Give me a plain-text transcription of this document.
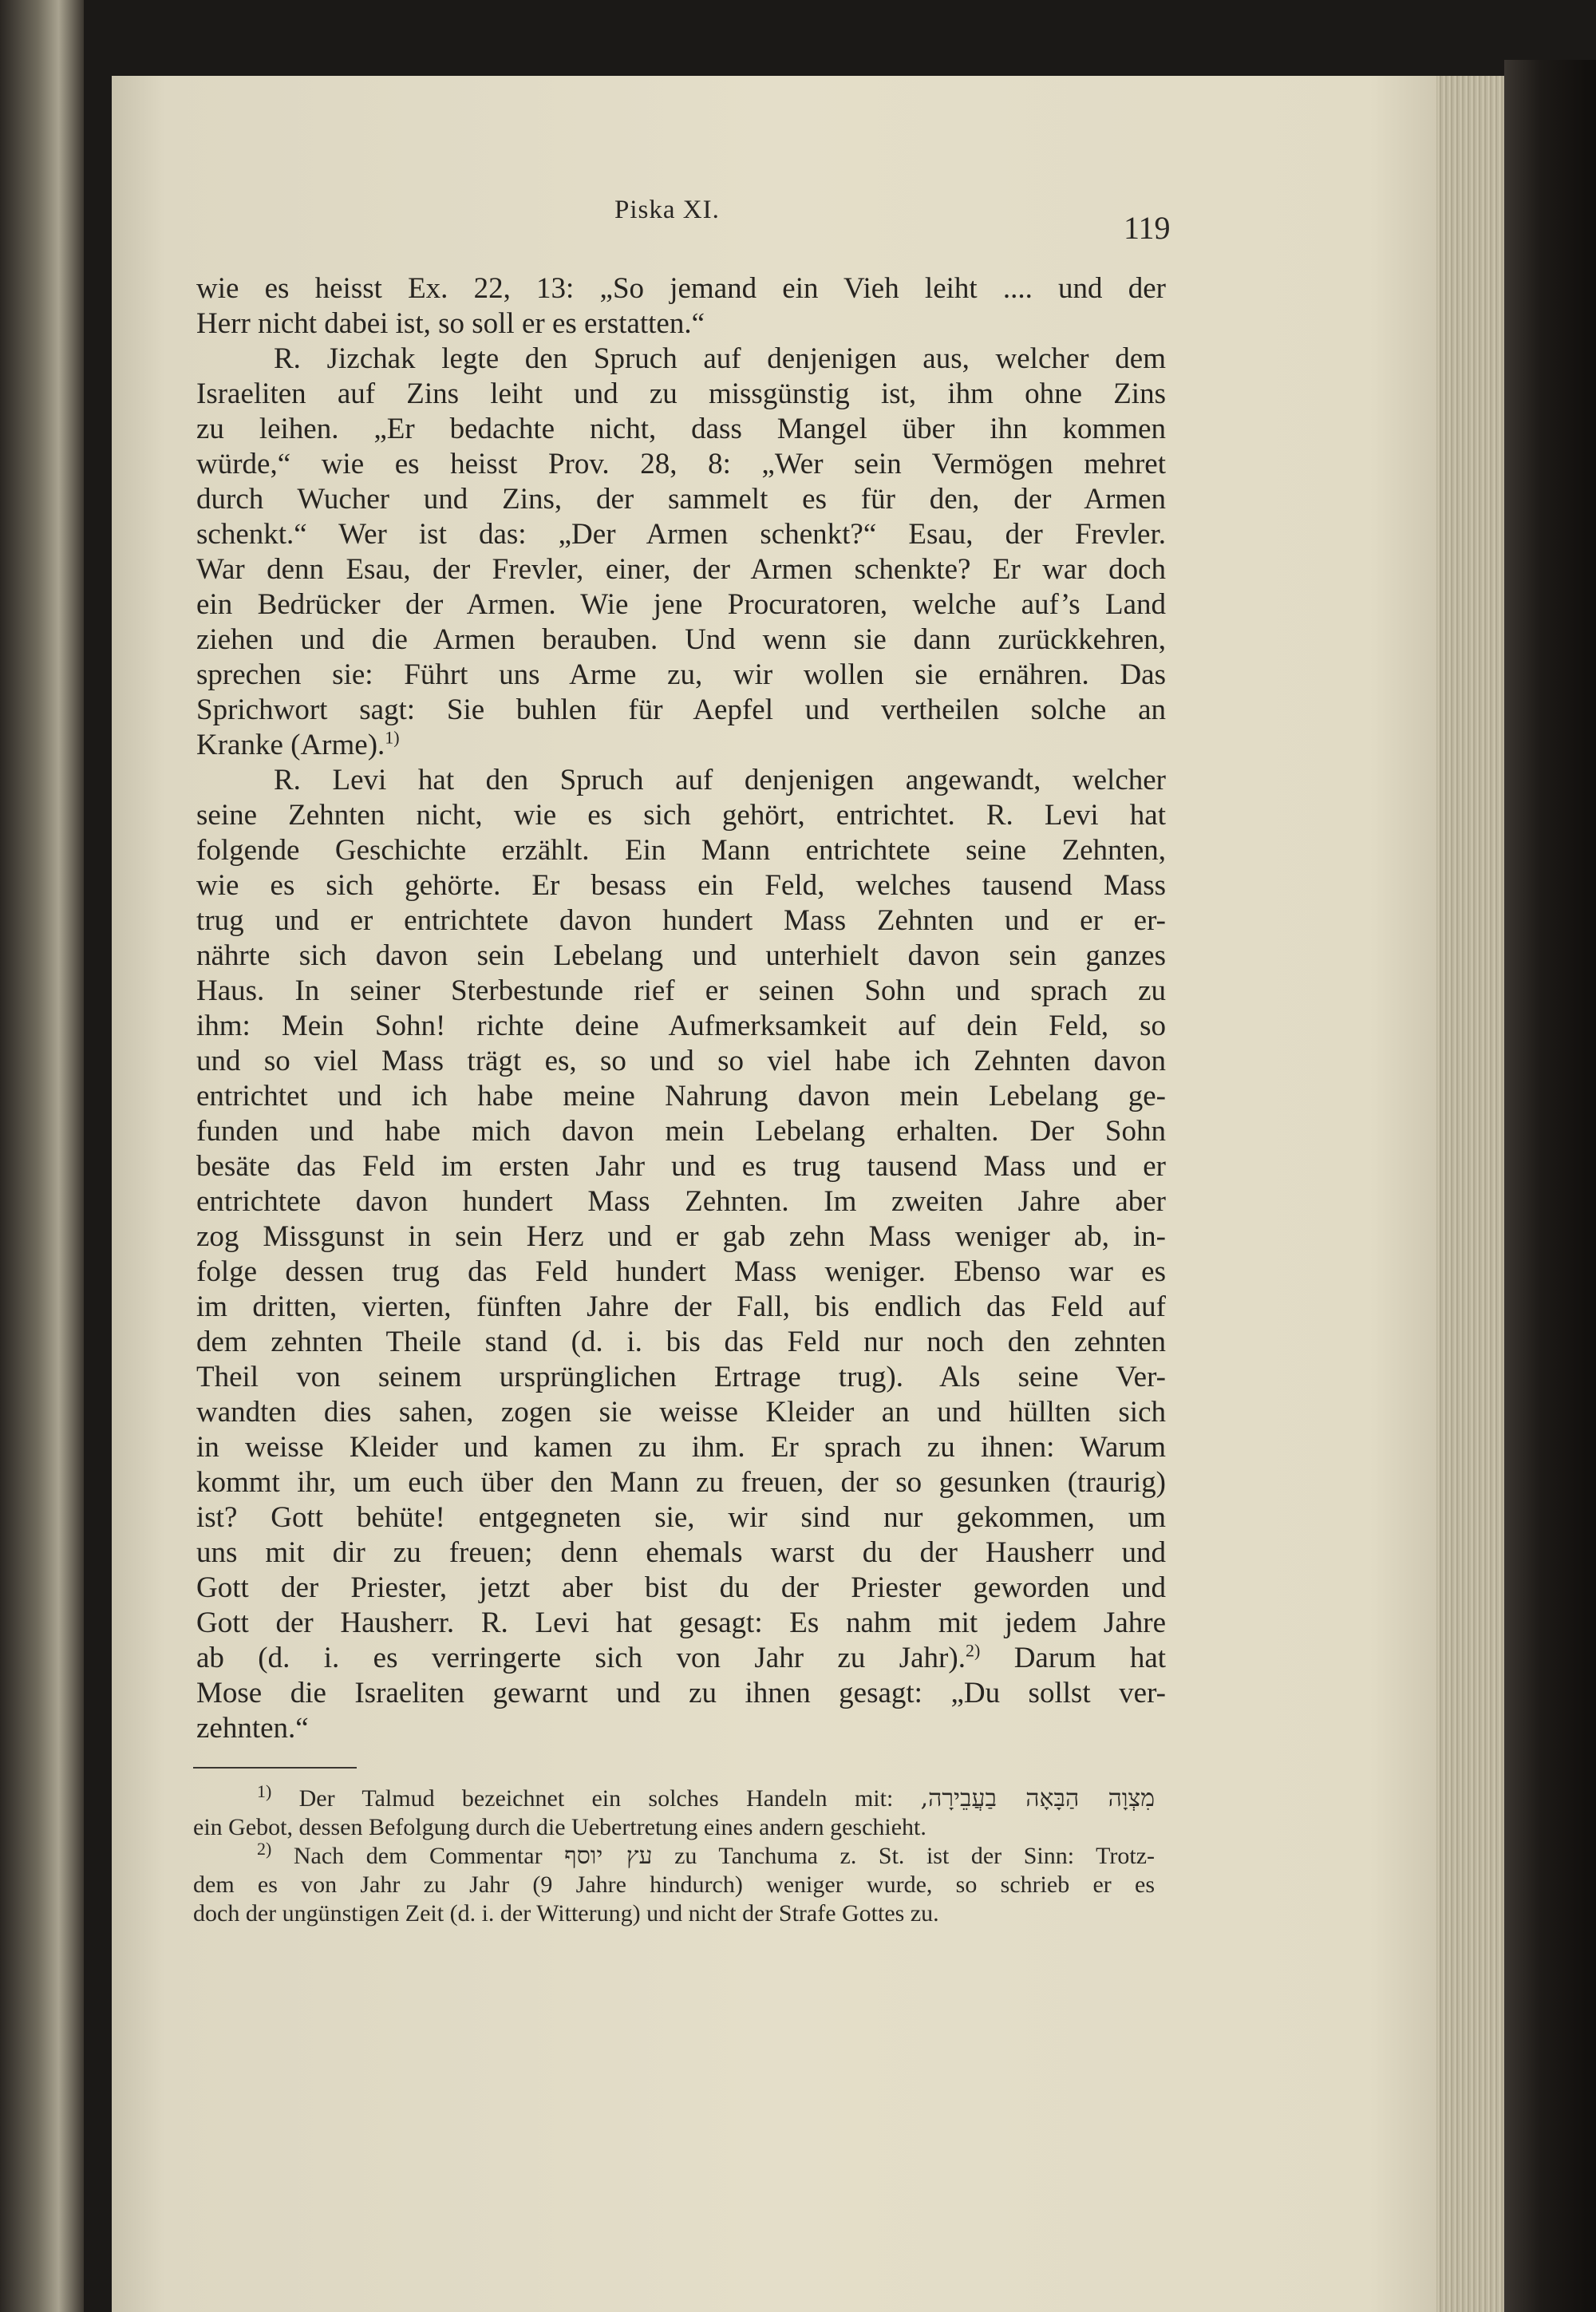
Piska XI.	119
wie es heisst Ex. 22, 13: „So jemand ein Vieh leiht .... und der
Herr nicht dabei ist, so soll er es erstatten.“
R. Jizchak legte den Spruch auf denjenigen aus, welcher dem
Israeliten auf Zins leiht und zu missgünstig ist, ihm ohne Zins
zu leihen. „Er bedachte nicht, dass Mangel über ihn kommen
würde,“ wie es heisst Prov. 28, 8: „Wer sein Vermögen mehret
durch Wucher und Zins, der sammelt es für den, der Armen
schenkt.“ Wer ist das: „Der Armen schenkt?“ Esau, der Frevler.
War denn Esau, der Frevler, einer, der Armen schenkte? Er war doch
ein Bedrücker der Armen. Wie jene Procuratoren, welche auf’s Land
ziehen und die Armen berauben. Und wenn sie dann zurückkehren,
sprechen sie: Führt uns Arme zu, wir wollen sie ernähren. Das
Sprichwort sagt: Sie buhlen für Aepfel und vertheilen solche an
Kranke (Arme).$^{1)}$
R. Levi hat den Spruch auf denjenigen angewandt, welcher
seine Zehnten nicht, wie es sich gehört, entrichtet. R. Levi hat
folgende Geschichte erzählt. Ein Mann entrichtete seine Zehnten,
wie es sich gehörte. Er besass ein Feld, welches tausend Mass
trug und er entrichtete davon hundert Mass Zehnten und er er-
nährte sich davon sein Lebelang und unterhielt davon sein ganzes
Haus. In seiner Sterbestunde rief er seinen Sohn und sprach zu
ihm: Mein Sohn! richte deine Aufmerksamkeit auf dein Feld, so
und so viel Mass trägt es, so und so viel habe ich Zehnten davon
entrichtet und ich habe meine Nahrung davon mein Lebelang ge-
funden und habe mich davon mein Lebelang erhalten. Der Sohn
besäte das Feld im ersten Jahr und es trug tausend Mass und er
entrichtete davon hundert Mass Zehnten. Im zweiten Jahre aber
zog Missgunst in sein Herz und er gab zehn Mass weniger ab, in-
folge dessen trug das Feld hundert Mass weniger. Ebenso war es
im dritten, vierten, fünften Jahre der Fall, bis endlich das Feld auf
dem zehnten Theile stand (d. i. bis das Feld nur noch den zehnten
Theil von seinem ursprünglichen Ertrage trug). Als seine Ver-
wandten dies sahen, zogen sie weisse Kleider an und hüllten sich
in weisse Kleider und kamen zu ihm. Er sprach zu ihnen: Warum
kommt ihr, um euch über den Mann zu freuen, der so gesunken (traurig)
ist? Gott behüte! entgegneten sie, wir sind nur gekommen, um
uns mit dir zu freuen; denn ehemals warst du der Hausherr und
Gott der Priester, jetzt aber bist du der Priester geworden und
Gott der Hausherr. R. Levi hat gesagt: Es nahm mit jedem Jahre
ab (d. i. es verringerte sich von Jahr zu Jahr).$^{2)}$ Darum hat
Mose die Israeliten gewarnt und zu ihnen gesagt: „Du sollst ver-
zehnten.“
$^{1)}$ Der Talmud bezeichnet ein solches Handeln mit: מִצְוָה הַבָּאָה בַעֲבֵירָה,
ein Gebot, dessen Befolgung durch die Uebertretung eines andern geschieht.
$^{2)}$ Nach dem Commentar עץ יוסף zu Tanchuma z. St. ist der Sinn: Trotz-
dem es von Jahr zu Jahr (9 Jahre hindurch) weniger wurde, so schrieb er es
doch der ungünstigen Zeit (d. i. der Witterung) und nicht der Strafe Gottes zu.
